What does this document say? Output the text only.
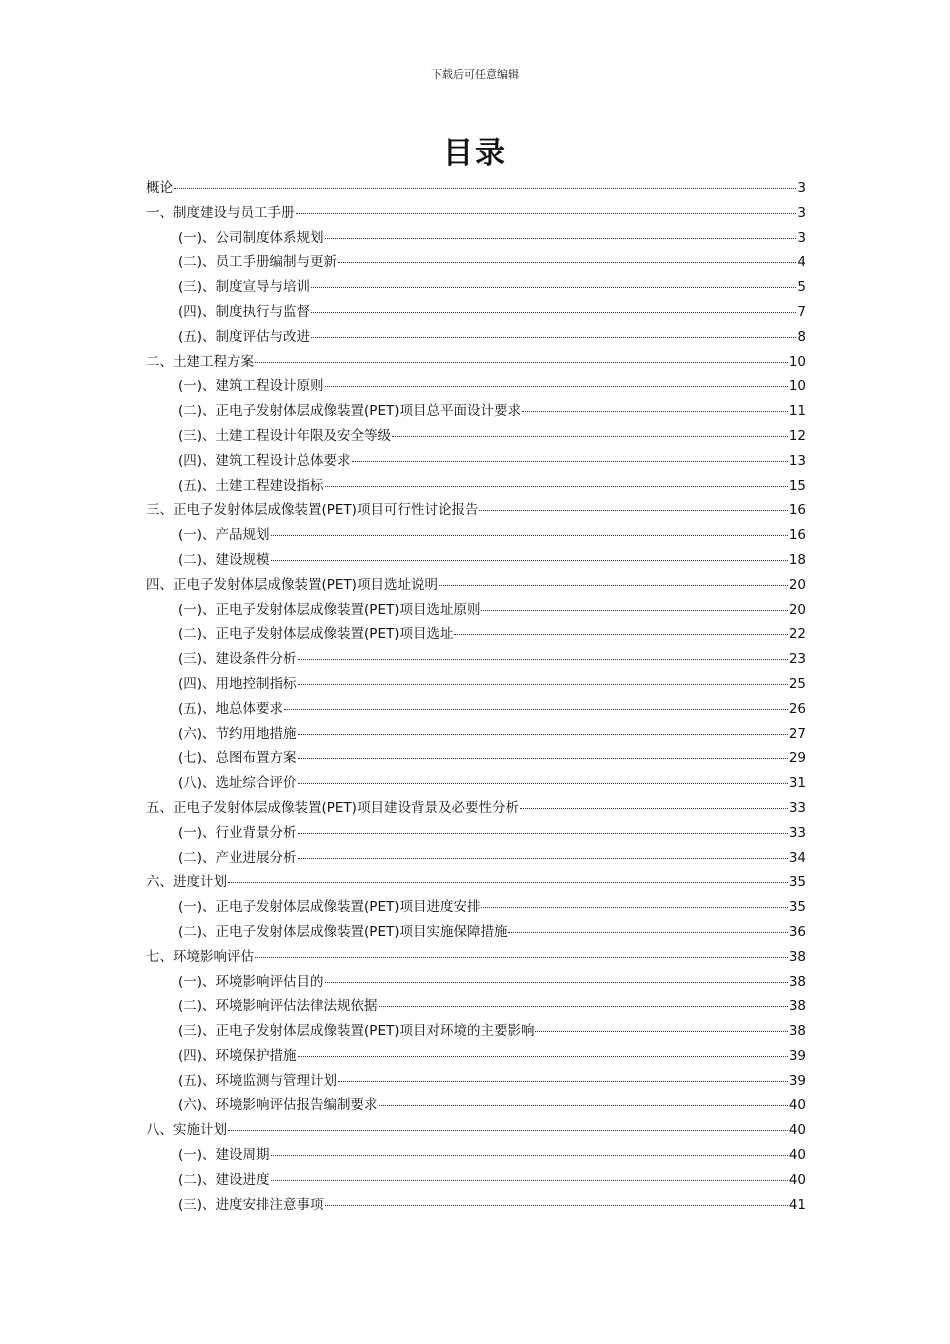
下载后可任意编辑
目录
概论	3
一、制度建设与员工手册	3
(一)、公司制度体系规划	3
(二)、员工手册编制与更新	4
(三)、制度宣导与培训	5
(四)、制度执行与监督	7
(五)、制度评估与改进	8
二、土建工程方案	10
(一)、建筑工程设计原则	10
(二)、正电子发射体层成像装置(PET)项目总平面设计要求	11
(三)、土建工程设计年限及安全等级	12
(四)、建筑工程设计总体要求	13
(五)、土建工程建设指标	15
三、正电子发射体层成像装置(PET)项目可行性讨论报告	16
(一)、产品规划	16
(二)、建设规模	18
四、正电子发射体层成像装置(PET)项目选址说明	20
(一)、正电子发射体层成像装置(PET)项目选址原则	20
(二)、正电子发射体层成像装置(PET)项目选址	22
(三)、建设条件分析	23
(四)、用地控制指标	25
(五)、地总体要求	26
(六)、节约用地措施	27
(七)、总图布置方案	29
(八)、选址综合评价	31
五、正电子发射体层成像装置(PET)项目建设背景及必要性分析	33
(一)、行业背景分析	33
(二)、产业进展分析	34
六、进度计划	35
(一)、正电子发射体层成像装置(PET)项目进度安排	35
(二)、正电子发射体层成像装置(PET)项目实施保障措施	36
七、环境影响评估	38
(一)、环境影响评估目的	38
(二)、环境影响评估法律法规依据	38
(三)、正电子发射体层成像装置(PET)项目对环境的主要影响	38
(四)、环境保护措施	39
(五)、环境监测与管理计划	39
(六)、环境影响评估报告编制要求	40
八、实施计划	40
(一)、建设周期	40
(二)、建设进度	40
(三)、进度安排注意事项	41
